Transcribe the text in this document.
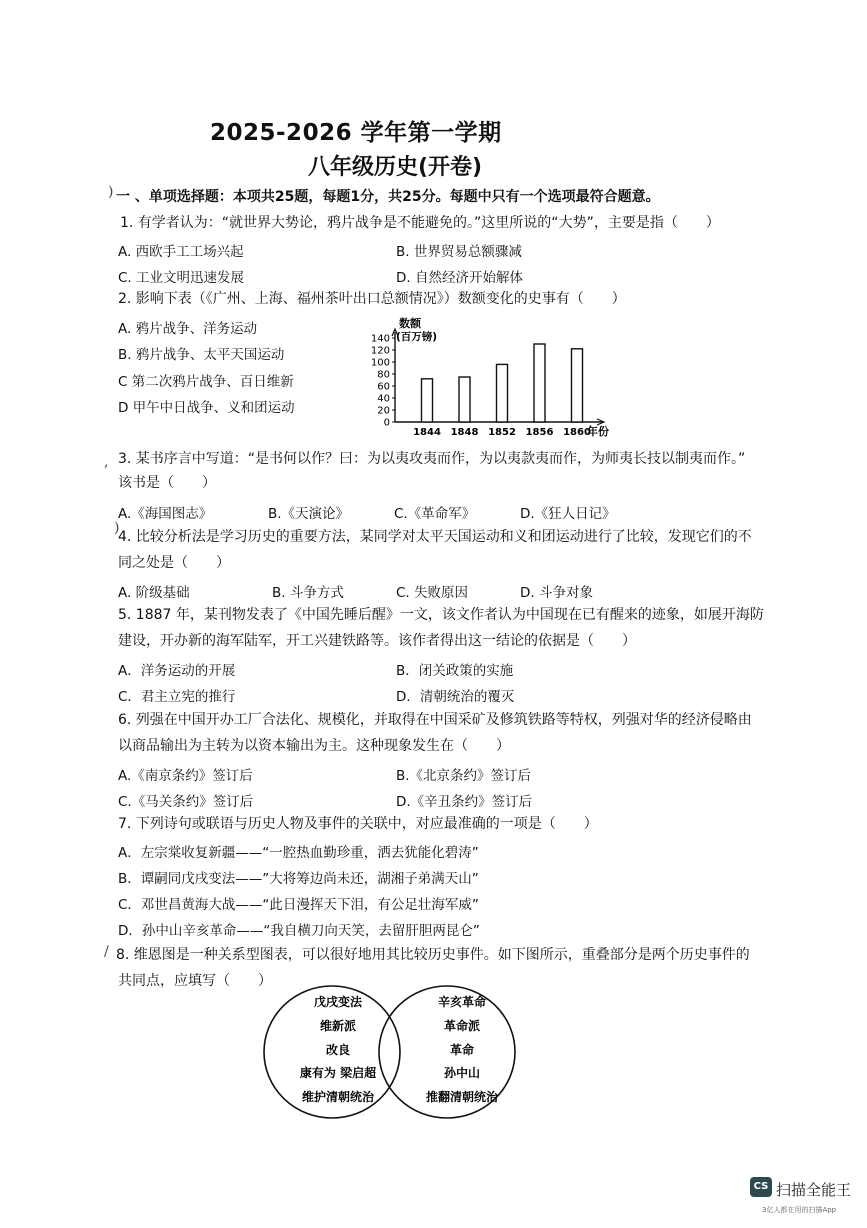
2025-2026 学年第一学期
八年级历史(开卷)
一 、单项选择题：本项共25题，每题1分，共25分。每题中只有一个选项最符合题意。
)
1. 有学者认为：“就世界大势论，鸦片战争是不能避免的。”这里所说的“大势”，主要是指（　　）
A. 西欧手工工场兴起	B. 世界贸易总额骤减
C. 工业文明迅速发展	D. 自然经济开始解体
2. 影响下表（《广州、上海、福州茶叶出口总额情况》）数额变化的史事有（　　）
A. 鸦片战争、洋务运动
B. 鸦片战争、太平天国运动
C 第二次鸦片战争、百日维新
D 甲午中日战争、义和团运动
数额
(百万镑)
年份
0
20
40
60
80
100
120
140
1844 1848 1852 1856 1860
, 3. 某书序言中写道：“是书何以作？曰：为以夷攻夷而作，为以夷款夷而作，为师夷长技以制夷而作。”
该书是（　　）
A.《海国图志》	B.《天演论》	C.《革命军》	D.《狂人日记》
)
4. 比较分析法是学习历史的重要方法，某同学对太平天国运动和义和团运动进行了比较，发现它们的不
同之处是（　　）
A. 阶级基础	B. 斗争方式	C. 失败原因	D. 斗争对象
5. 1887 年，某刊物发表了《中国先睡后醒》一文，该文作者认为中国现在已有醒来的迹象，如展开海防
建设，开办新的海军陆军，开工兴建铁路等。该作者得出这一结论的依据是（　　）
A．洋务运动的开展	B．闭关政策的实施
C．君主立宪的推行	D．清朝统治的覆灭
6. 列强在中国开办工厂合法化、规模化，并取得在中国采矿及修筑铁路等特权，列强对华的经济侵略由
以商品输出为主转为以资本输出为主。这种现象发生在（　　）
A.《南京条约》签订后	B.《北京条约》签订后
C.《马关条约》签订后	D.《辛丑条约》签订后
7. 下列诗句或联语与历史人物及事件的关联中，对应最准确的一项是（　　）
A．左宗棠收复新疆——“一腔热血勤珍重，洒去犹能化碧涛”
B．谭嗣同戊戌变法——”大将筹边尚未还，湖湘子弟满天山”
C．邓世昌黄海大战——“此日漫挥天下泪，有公足壮海军威”
D．孙中山辛亥革命——“我自横刀向天笑，去留肝胆两昆仑”
/ 8. 维恩图是一种关系型图表，可以很好地用其比较历史事件。如下图所示，重叠部分是两个历史事件的
共同点，应填写（　　）
戊戌变法
维新派
改良
康有为 梁启超
维护清朝统治
辛亥革命
革命派
革命
孙中山
推翻清朝统治
CS 扫描全能王
3亿人都在用的扫描App
